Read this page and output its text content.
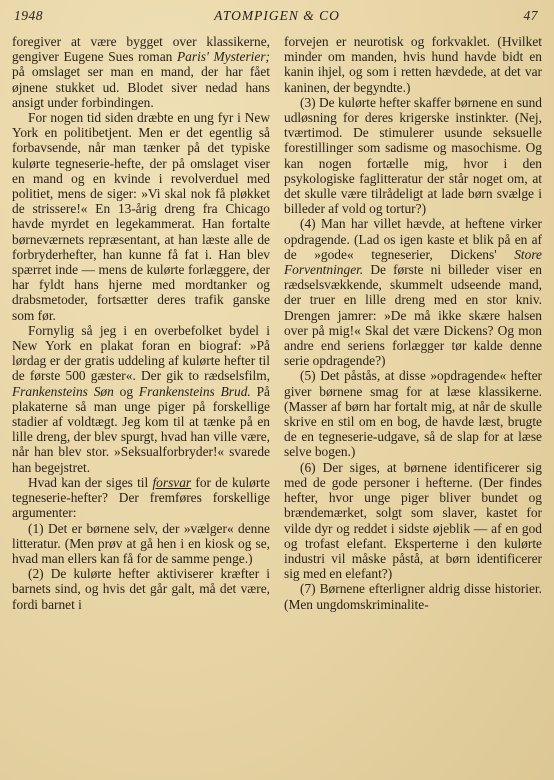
1948	ATOMPIGEN & CO	47

foregiver at være bygget over klassikerne, gengiver Eugene Sues roman Paris' Mysterier; på omslaget ser man en mand, der har fået øjnene stukket ud. Blodet siver nedad hans ansigt under forbindingen.

For nogen tid siden dræbte en ung fyr i New York en politibetjent. Men er det egentlig så forbavsende, når man tænker på det typiske kulørte tegneserie-hefte, der på omslaget viser en mand og en kvinde i revolverduel med politiet, mens de siger: »Vi skal nok få pløkket de strissere!« En 13-årig dreng fra Chicago havde myrdet en legekammerat. Han fortalte børneværnets repræsentant, at han læste alle de forbryderhefter, han kunne få fat i. Han blev spærret inde — mens de kulørte forlæggere, der har fyldt hans hjerne med mordtanker og drabsmetoder, fortsætter deres trafik ganske som før.

Fornylig så jeg i en overbefolket bydel i New York en plakat foran en biograf: »På lørdag er der gratis uddeling af kulørte hefter til de første 500 gæster«. Der gik to rædselsfilm, Frankensteins Søn og Frankensteins Brud. På plakaterne så man unge piger på forskellige stadier af voldtægt. Jeg kom til at tænke på en lille dreng, der blev spurgt, hvad han ville være, når han blev stor. »Seksualforbryder!« svarede han begejstret.

Hvad kan der siges til forsvar for de kulørte tegneserie-hefter? Der fremføres forskellige argumenter:

(1) Det er børnene selv, der »vælger« denne litteratur. (Men prøv at gå hen i en kiosk og se, hvad man ellers kan få for de samme penge.)

(2) De kulørte hefter aktiviserer kræfter i barnets sind, og hvis det går galt, må det være, fordi barnet i

forvejen er neurotisk og forkvaklet. (Hvilket minder om manden, hvis hund havde bidt en kanin ihjel, og som i retten hævdede, at det var kaninen, der begyndte.)

(3) De kulørte hefter skaffer børnene en sund udløsning for deres krigerske instinkter. (Nej, tværtimod. De stimulerer usunde seksuelle forestillinger som sadisme og masochisme. Og kan nogen fortælle mig, hvor i den psykologiske faglitteratur der står noget om, at det skulle være tilrådeligt at lade børn svælge i billeder af vold og tortur?)

(4) Man har villet hævde, at heftene virker opdragende. (Lad os igen kaste et blik på en af de »gode« tegneserier, Dickens' Store Forventninger. De første ni billeder viser en rædselsvækkende, skummelt udseende mand, der truer en lille dreng med en stor kniv. Drengen jamrer: »De må ikke skære halsen over på mig!« Skal det være Dickens? Og mon andre end seriens forlægger tør kalde denne serie opdragende?)

(5) Det påstås, at disse »opdragende« hefter giver børnene smag for at læse klassikerne. (Masser af børn har fortalt mig, at når de skulle skrive en stil om en bog, de havde læst, brugte de en tegneserie-udgave, så de slap for at læse selve bogen.)

(6) Der siges, at børnene identificerer sig med de gode personer i hefterne. (Der findes hefter, hvor unge piger bliver bundet og brændemærket, solgt som slaver, kastet for vilde dyr og reddet i sidste øjeblik — af en god og trofast elefant. Eksperterne i den kulørte industri vil måske påstå, at børn identificerer sig med en elefant?)

(7) Børnene efterligner aldrig disse historier. (Men ungdomskriminalite-
